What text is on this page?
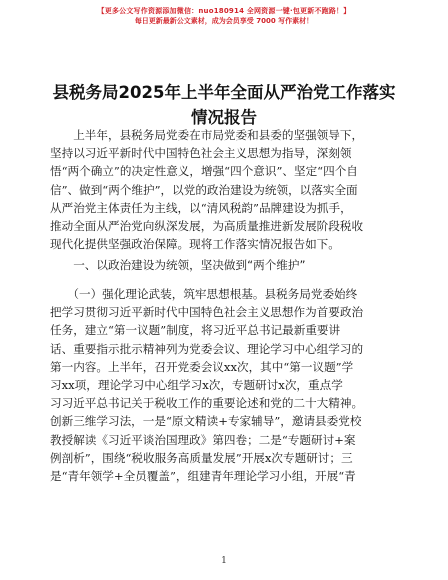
【更多公文写作资源添加微信：nuo180914 全网资源一键·包更新不跑路！】
每日更新最新公文素材，成为会员享受 7000 写作素材！
县税务局2025年上半年全面从严治党工作落实
情况报告
　　上半年，县税务局党委在市局党委和县委的坚强领导下，
坚持以习近平新时代中国特色社会主义思想为指导，深刻领
悟“两个确立”的决定性意义，增强“四个意识”、坚定“四个自
信”、做到“两个维护”，以党的政治建设为统领，以落实全面
从严治党主体责任为主线，以“清风税韵”品牌建设为抓手，
推动全面从严治党向纵深发展，为高质量推进新发展阶段税收
现代化提供坚强政治保障。现将工作落实情况报告如下。
　　一、以政治建设为统领，坚决做到“两个维护”
　　（一）强化理论武装，筑牢思想根基。县税务局党委始终
把学习贯彻习近平新时代中国特色社会主义思想作为首要政治
任务，建立“第一议题”制度，将习近平总书记最新重要讲
话、重要指示批示精神列为党委会议、理论学习中心组学习的
第一内容。上半年，召开党委会议xx次，其中“第一议题”学
习xx项，理论学习中心组学习x次，专题研讨x次，重点学
习习近平总书记关于税收工作的重要论述和党的二十大精神。
创新三维学习法，一是“原文精读+专家辅导”，邀请县委党校
教授解读《习近平谈治国理政》第四卷；二是“专题研讨+案
例剖析”，围绕“税收服务高质量发展”开展x次专题研讨；三
是“青年领学+全员覆盖”，组建青年理论学习小组，开展“青
1
